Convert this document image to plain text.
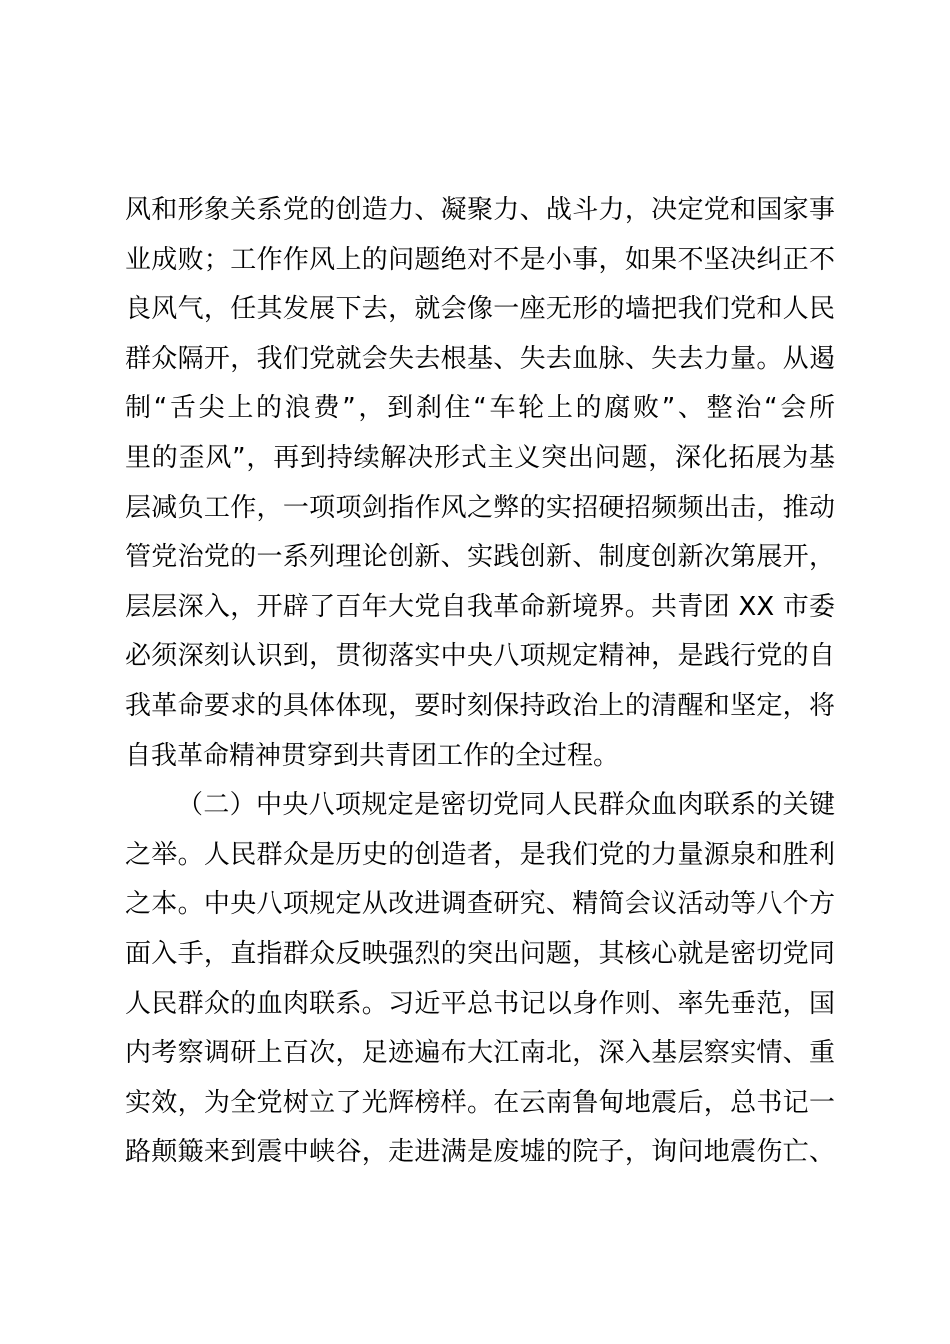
风和形象关系党的创造力、凝聚力、战斗力，决定党和国家事
业成败；工作作风上的问题绝对不是小事，如果不坚决纠正不
良风气，任其发展下去，就会像一座无形的墙把我们党和人民
群众隔开，我们党就会失去根基、失去血脉、失去力量。从遏
制“舌尖上的浪费”，到刹住“车轮上的腐败”、整治“会所
里的歪风”，再到持续解决形式主义突出问题，深化拓展为基
层减负工作，一项项剑指作风之弊的实招硬招频频出击，推动
管党治党的一系列理论创新、实践创新、制度创新次第展开，
层层深入，开辟了百年大党自我革命新境界。共青团 XX 市委
必须深刻认识到，贯彻落实中央八项规定精神，是践行党的自
我革命要求的具体体现，要时刻保持政治上的清醒和坚定，将
自我革命精神贯穿到共青团工作的全过程。
（二）中央八项规定是密切党同人民群众血肉联系的关键
之举。人民群众是历史的创造者，是我们党的力量源泉和胜利
之本。中央八项规定从改进调查研究、精简会议活动等八个方
面入手，直指群众反映强烈的突出问题，其核心就是密切党同
人民群众的血肉联系。习近平总书记以身作则、率先垂范，国
内考察调研上百次，足迹遍布大江南北，深入基层察实情、重
实效，为全党树立了光辉榜样。在云南鲁甸地震后，总书记一
路颠簸来到震中峡谷，走进满是废墟的院子，询问地震伤亡、
